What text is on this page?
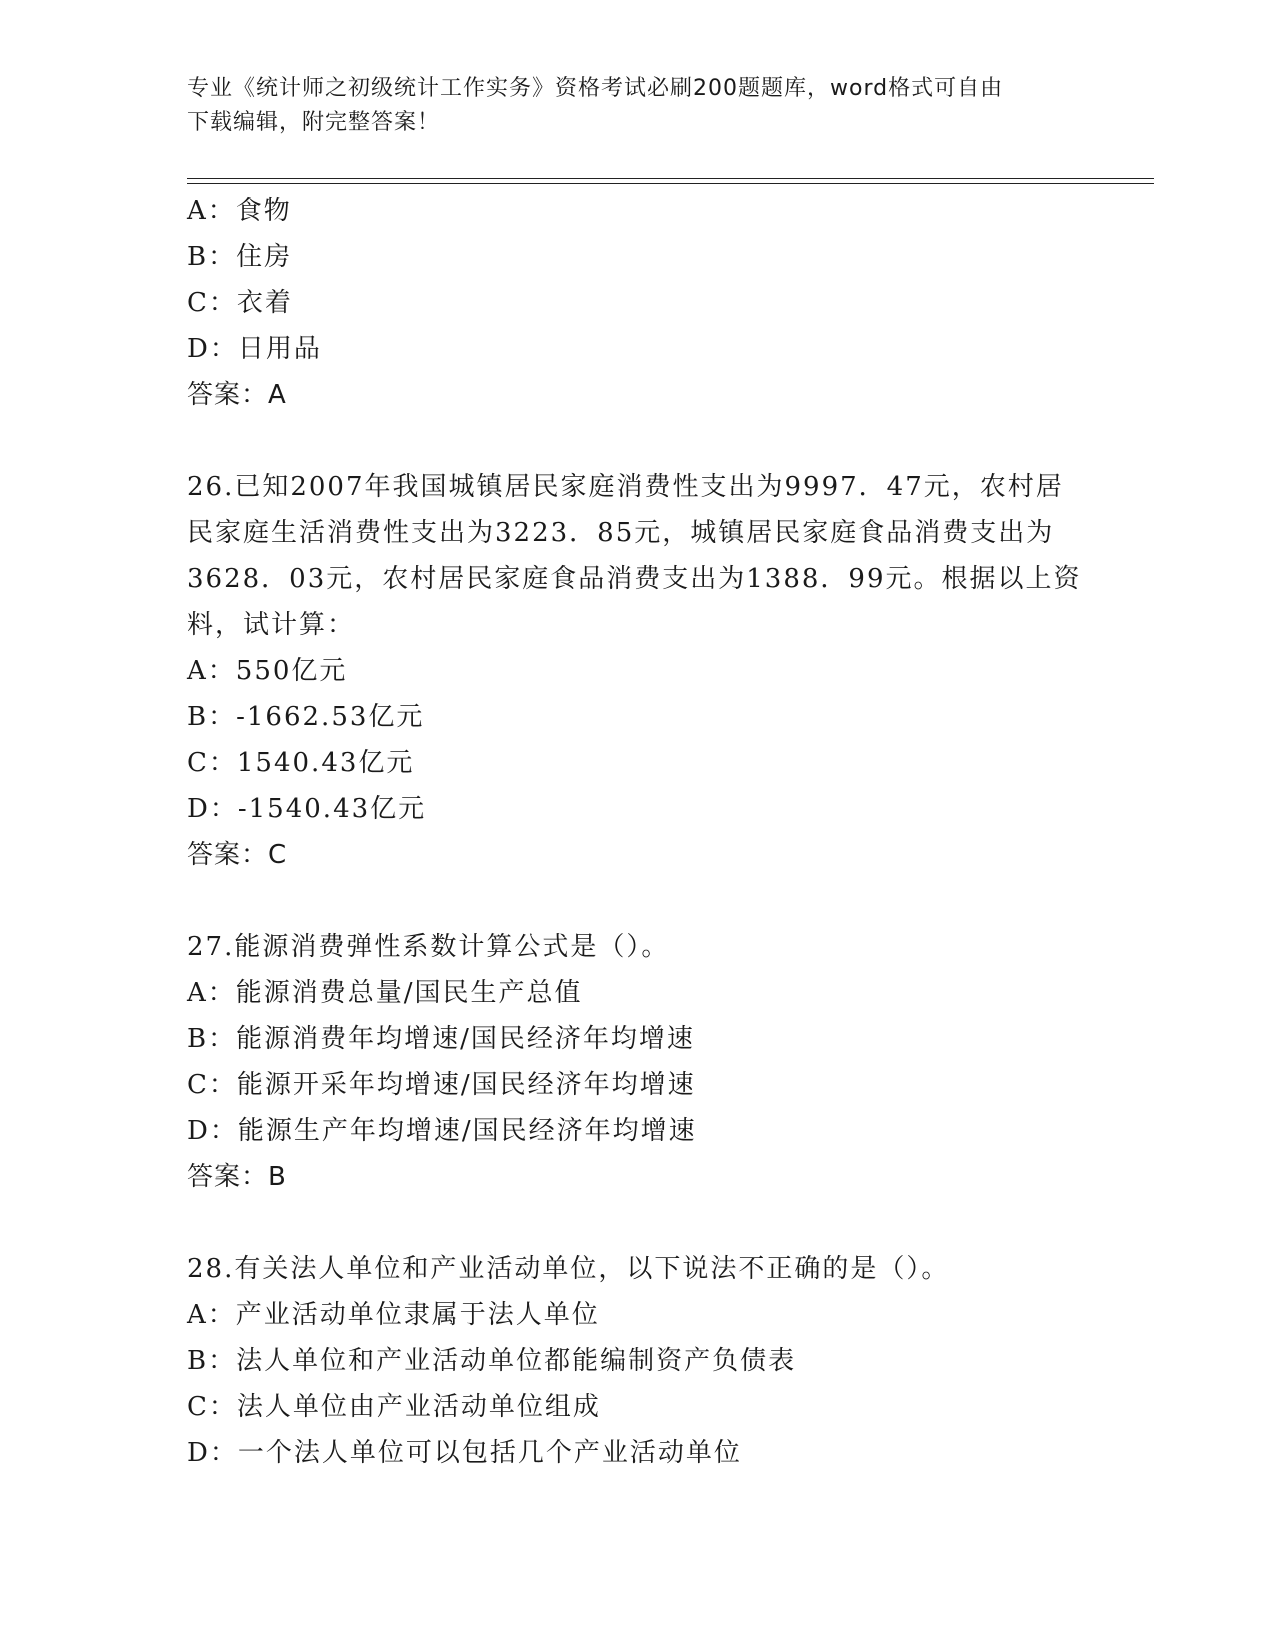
专业《统计师之初级统计工作实务》资格考试必刷200题题库，word格式可自由
下载编辑，附完整答案！
A：食物
B：住房
C：衣着
D：日用品
答案：A
26.已知2007年我国城镇居民家庭消费性支出为9997．47元，农村居
民家庭生活消费性支出为3223．85元，城镇居民家庭食品消费支出为
3628．03元，农村居民家庭食品消费支出为1388．99元。根据以上资
料，试计算：
A：550亿元
B：-1662.53亿元
C：1540.43亿元
D：-1540.43亿元
答案：C
27.能源消费弹性系数计算公式是（）。
A：能源消费总量/国民生产总值
B：能源消费年均增速/国民经济年均增速
C：能源开采年均增速/国民经济年均增速
D：能源生产年均增速/国民经济年均增速
答案：B
28.有关法人单位和产业活动单位，以下说法不正确的是（）。
A：产业活动单位隶属于法人单位
B：法人单位和产业活动单位都能编制资产负债表
C：法人单位由产业活动单位组成
D：一个法人单位可以包括几个产业活动单位
